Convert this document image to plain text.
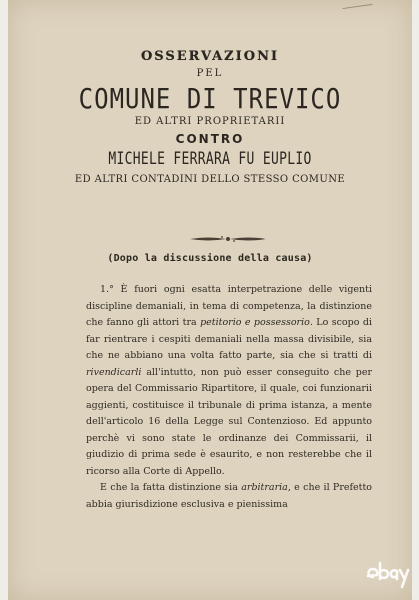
OSSERVAZIONI
PEL
COMUNE DI TREVICO
ED ALTRI PROPRIETARII
CONTRO
MICHELE FERRARA FU EUPLIO
ED ALTRI CONTADINI DELLO STESSO COMUNE
(Dopo la discussione della causa)

1.° È fuori ogni esatta interpetrazione delle vigenti discipline demaniali, in tema di competenza, la distinzione che fanno gli attori tra petitorio e possessorio. Lo scopo di far rientrare i cespiti demaniali nella massa divisibile, sia che ne abbiano una volta fatto parte, sia che si tratti di rivendicarli all'intutto, non può esser conseguito che per opera del Commissario Ripartitore, il quale, coi funzionarii aggienti, costituisce il tribunale di prima istanza, a mente dell'articolo 16 della Legge sul Contenzioso. Ed appunto perchè vi sono state le ordinanze dei Commissarii, il giudizio di prima sede è esaurito, e non resterebbe che il ricorso alla Corte di Appello.

E che la fatta distinzione sia arbitraria, e che il Prefetto abbia giurisdizione esclusiva e pienissima
